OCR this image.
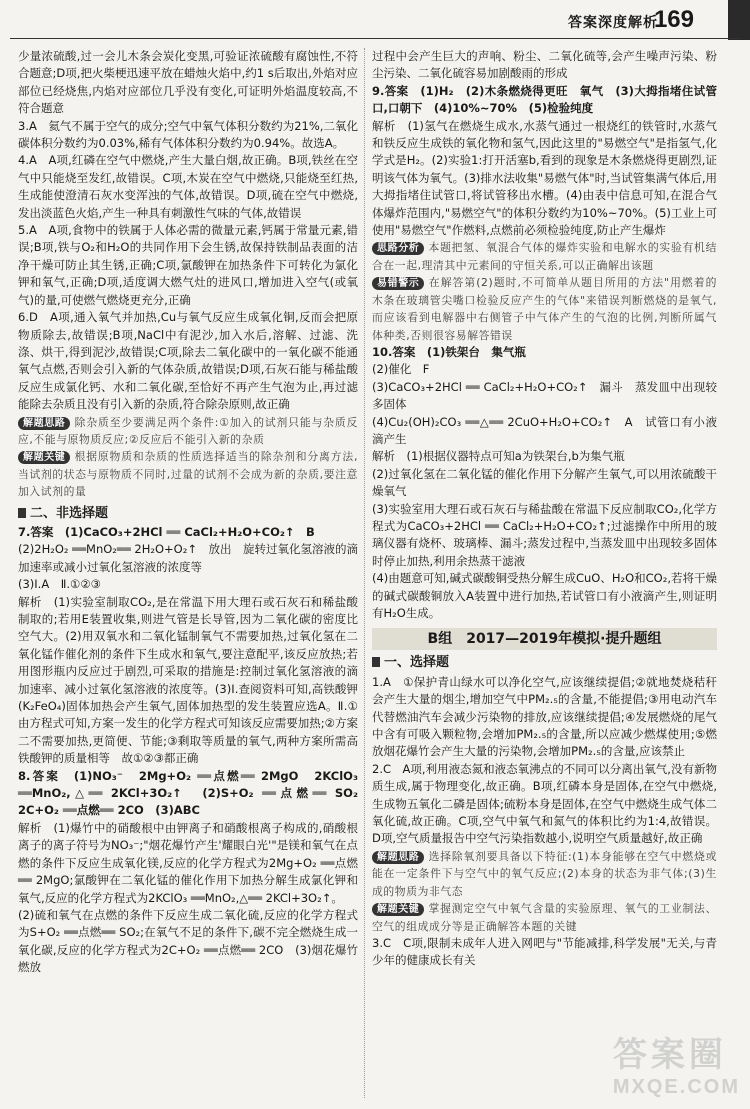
答案深度解析
169

少量浓硫酸,过一会儿木条会炭化变黑,可验证浓硫酸有腐蚀性,不符合题意;D项,把火柴梗迅速平放在蜡烛火焰中,约1 s后取出,外焰对应部位已经烧焦,内焰对应部位几乎没有变化,可证明外焰温度较高,不符合题意

3.A　氦气不属于空气的成分;空气中氧气体积分数约为21%,二氧化碳体积分数约为0.03%,稀有气体体积分数约为0.94%。故选A。

4.A　A项,红磷在空气中燃烧,产生大量白烟,故正确。B项,铁丝在空气中只能烧至发红,故错误。C项,木炭在空气中燃烧,只能烧至红热,生成能使澄清石灰水变浑浊的气体,故错误。D项,硫在空气中燃烧,发出淡蓝色火焰,产生一种具有刺激性气味的气体,故错误

5.A　A项,食物中的铁属于人体必需的微量元素,钙属于常量元素,错误;B项,铁与O₂和H₂O的共同作用下会生锈,故保持铁制品表面的洁净干燥可防止其生锈,正确;C项,氯酸钾在加热条件下可转化为氯化钾和氧气,正确;D项,适度调大燃气灶的进风口,增加进入空气(或氧气)的量,可使燃气燃烧更充分,正确

6.D　A项,通入氧气并加热,Cu与氧气反应生成氧化铜,反而会把原物质除去,故错误;B项,NaCl中有泥沙,加入水后,溶解、过滤、洗涤、烘干,得到泥沙,故错误;C项,除去二氧化碳中的一氧化碳不能通氧气点燃,否则会引入新的气体杂质,故错误;D项,石灰石能与稀盐酸反应生成氯化钙、水和二氧化碳,至恰好不再产生气泡为止,再过滤能除去杂质且没有引入新的杂质,符合除杂原则,故正确

解题思路 除杂质至少要满足两个条件:①加入的试剂只能与杂质反应,不能与原物质反应;②反应后不能引入新的杂质

解题关键 根据原物质和杂质的性质选择适当的除杂剂和分离方法,当试剂的状态与原物质不同时,过量的试剂不会成为新的杂质,要注意加入试剂的量

二、非选择题

7.答案　(1)CaCO₃+2HCl ══ CaCl₂+H₂O+CO₂↑　B

(2)2H₂O₂ ══MnO₂══ 2H₂O+O₂↑　放出　旋转过氧化氢溶液的滴加速率或减小过氧化氢溶液的浓度等

(3)Ⅰ.A　Ⅱ.①②③

解析　(1)实验室制取CO₂,是在常温下用大理石或石灰石和稀盐酸制取的;若用E装置收集,则进气管是长导管,因为二氧化碳的密度比空气大。(2)用双氧水和二氧化锰制氧气不需要加热,过氧化氢在二氧化锰作催化剂的条件下生成水和氧气,要注意配平,该反应放热;若用图形瓶内反应过于剧烈,可采取的措施是:控制过氧化氢溶液的滴加速率、减小过氧化氢溶液的浓度等。(3)Ⅰ.查阅资料可知,高铁酸钾(K₂FeO₄)固体加热会产生氧气,固体加热型的发生装置应选A。Ⅱ.①由方程式可知,方案一发生的化学方程式可知该反应需要加热;②方案二不需要加热,更简便、节能;③剩取等质量的氧气,两种方案所需高铁酸钾的质量相等　故①②③都正确

8.答案　(1)NO₃⁻　2Mg+O₂ ══点燃══ 2MgO　2KClO₃ ══MnO₂,△══ 2KCl+3O₂↑　(2)S+O₂ ══点燃══ SO₂　2C+O₂ ══点燃══ 2CO　(3)ABC

解析　(1)爆竹中的硝酸根中由钾离子和硝酸根离子构成的,硝酸根离子的离子符号为NO₃⁻;"烟花爆竹产生'耀眼白光'"是镁和氧气在点燃的条件下反应生成氧化镁,反应的化学方程式为2Mg+O₂ ══点燃══ 2MgO;氯酸钾在二氧化锰的催化作用下加热分解生成氯化钾和氧气,反应的化学方程式为2KClO₃ ══MnO₂,△══ 2KCl+3O₂↑。

(2)硫和氧气在点燃的条件下反应生成二氧化硫,反应的化学方程式为S+O₂ ══点燃══ SO₂;在氧气不足的条件下,碳不完全燃烧生成一氧化碳,反应的化学方程式为2C+O₂ ══点燃══ 2CO　(3)烟花爆竹燃放

过程中会产生巨大的声响、粉尘、二氧化硫等,会产生噪声污染、粉尘污染、二氧化硫容易加剧酸雨的形成

9.答案　(1)H₂　(2)木条燃烧得更旺　氧气　(3)大拇指堵住试管口,口朝下　(4)10%~70%　(5)检验纯度

解析　(1)氢气在燃烧生成水,水蒸气通过一根烧红的铁管时,水蒸气和铁反应生成铁的氧化物和氢气,因此这里的"易燃空气"是指氢气,化学式是H₂。(2)实验1:打开活塞b,看到的现象是木条燃烧得更剧烈,证明该气体为氧气。(3)排水法收集"易燃气体"时,当试管集满气体后,用大拇指堵住试管口,将试管移出水槽。(4)由表中信息可知,在混合气体爆炸范围内,"易燃空气"的体积分数约为10%~70%。(5)工业上可使用"易燃空气"作燃料,点燃前必须检验纯度,防止产生爆炸

思路分析 本题把氢、氧混合气体的爆炸实验和电解水的实验有机结合在一起,理清其中元素间的守恒关系,可以正确解出该题

易错警示 在解答第(2)题时,不可简单从题目所用的方法"用燃着的木条在玻璃管尖嘴口检验反应产生的气体"来错误判断燃烧的是氧气,而应该看到电解器中右侧管子中气体产生的气泡的比例,判断所属气体种类,否则很容易解答错误

10.答案　(1)铁架台　集气瓶

(2)催化　F

(3)CaCO₃+2HCl ══ CaCl₂+H₂O+CO₂↑　漏斗　蒸发皿中出现较多固体

(4)Cu₂(OH)₂CO₃ ══△══ 2CuO+H₂O+CO₂↑　A　试管口有小液滴产生

解析　(1)根据仪器特点可知a为铁架台,b为集气瓶

(2)过氧化氢在二氧化锰的催化作用下分解产生氧气,可以用浓硫酸干燥氧气

(3)实验室用大理石或石灰石与稀盐酸在常温下反应制取CO₂,化学方程式为CaCO₃+2HCl ══ CaCl₂+H₂O+CO₂↑;过滤操作中所用的玻璃仪器有烧杯、玻璃棒、漏斗;蒸发过程中,当蒸发皿中出现较多固体时停止加热,利用余热蒸干滤液

(4)由题意可知,碱式碳酸铜受热分解生成CuO、H₂O和CO₂,若将干燥的碱式碳酸铜放入A装置中进行加热,若试管口有小液滴产生,则证明有H₂O生成。

B组　2017—2019年模拟·提升题组
一、选择题

1.A　①保护青山绿水可以净化空气,应该继续提倡;②就地焚烧秸秆会产生大量的烟尘,增加空气中PM₂.₅的含量,不能提倡;③用电动汽车代替燃油汽车会减少污染物的排放,应该继续提倡;④发展燃烧的尾气中含有可吸入颗粒物,会增加PM₂.₅的含量,所以应减少燃煤使用;⑤燃放烟花爆竹会产生大量的污染物,会增加PM₂.₅的含量,应该禁止

2.C　A项,利用液态氮和液态氧沸点的不同可以分离出氧气,没有新物质生成,属于物理变化,故正确。B项,红磷本身是固体,在空气中燃烧,生成物五氧化二磷是固体;硫粉本身是固体,在空气中燃烧生成气体二氧化硫,故正确。C项,空气中氧气和氮气的体积比约为1:4,故错误。D项,空气质量报告中空气污染指数越小,说明空气质量越好,故正确

解题思路 选择除氧剂要具备以下特征:(1)本身能够在空气中燃烧或能在一定条件下与空气中的氧气反应;(2)本身的状态为非气体;(3)生成的物质为非气态

解题关键 掌握测定空气中氧气含量的实验原理、氧气的工业制法、空气的组成成分等是正确解答本题的关键

3.C　C项,限制未成年人进入网吧与"节能减排,科学发展"无关,与青少年的健康成长有关

答案圈
MXQE.COM
